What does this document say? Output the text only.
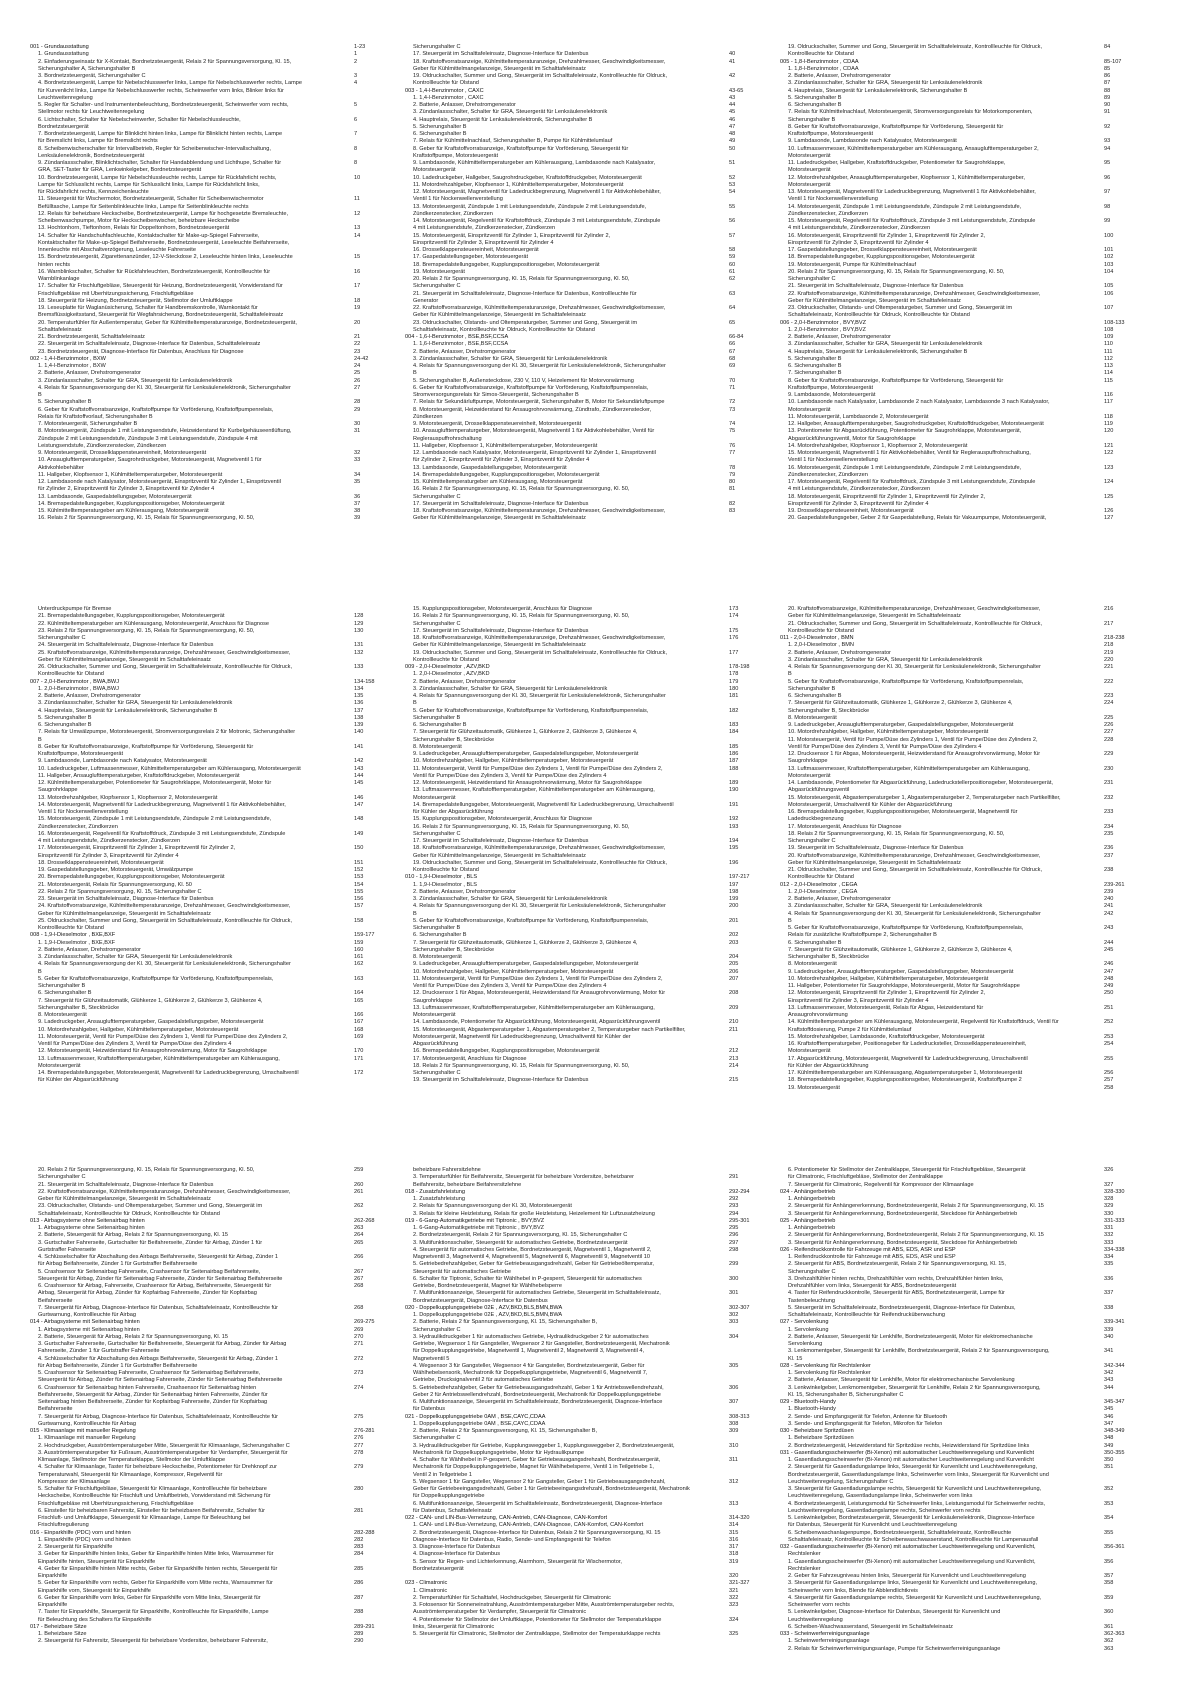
001 - Grundausstattung	1-23
1. Grundausstattung	1
2. Einfaderungseinsatz für X-Kontakt, Bordnetzsteuergerät, Relais 2 für Spannungsversorgung, Kl. 15,	2
Sicherungshalter A, Sicherungshalter B
3. Bordnetzsteuergerät, Sicherungshalter C	3
4. Bordnetzsteuergerät, Lampe für Nebelschlusswerfer links, Lampe für Nebelschlusswerfer rechts, Lampe	4
für Kurvenlicht links, Lampe für Nebelschlusswerfer rechts, Scheinwerfer vorn links, Blinker links für
Leuchtweitenregelung
5. Regler für Schalter- und Instrumentenbeleuchtung, Bordnetzsteuergerät, Scheinwerfer vorn rechts,	5
Stellmotor rechts für Leuchtweitenregelung
6. Lichtschalter, Schalter für Nebelscheinwerfer, Schalter für Nebelschlussleuchte,	6
Bordnetzsteuergerät
7. Bordnetzsteuergerät, Lampe für Blinklicht hinten links, Lampe für Blinklicht hinten rechts, Lampe	7
für Bremslicht links, Lampe für Bremslicht rechts
8. Scheibenwischerschalter für Intervallbetrieb, Regler für Scheibenwischer-Intervallschaltung,	8
Lenksäulenelektronik, Bordnetzsteuergerät
9. Zündanlassschalter, Blinklichtschalter, Schalter für Handabblendung und Lichthupe, Schalter für	8
GRA, SET-Taster für GRA, Lenkwinkelgeber, Bordnetzsteuergerät
10. Bordnetzsteuergerät, Lampe für Nebelschlussleuchte rechts, Lampe für Rückfahrlicht rechts,	10
Lampe für Schlusslicht rechts, Lampe für Schlusslicht links, Lampe für Rückfahrlicht links,
für Rückfahrlicht rechts, Kennzeichenleuchte
11. Steuergerät für Wischermotor, Bordnetzsteuergerät, Schalter für Scheibenwischermotor	11
Befülltasche, Lampe für Seitenblinkleuchte links, Lampe für Seitenblinkleuchte rechts
12. Relais für beheizbare Heckscheibe, Bordnetzsteuergerät, Lampe für hochgesetzte Bremsleuchte,	12
Scheibenwaschpumpe, Motor für Heckscheibenwischer, beheizbare Heckscheibe
13. Hochtonhorn, Tieftonhorn, Relais für Doppeltonhorn, Bordnetzsteuergerät	13
14. Schalter für Handschuhfachleuchte, Kontaktschalter für Make-up-Spiegel Fahrerseite,	14
Kontaktschalter für Make-up-Spiegel Beifahrerseite, Bordnetzsteuergerät, Leseleuchte Beifahrerseite,
Innenleuchte mit Abschaltverzögerung, Leseleuchte Fahrerseite
15. Bordnetzsteuergerät, Zigarettenanzünder, 12-V-Steckdose 2, Leseleuchte hinten links, Leseleuchte	15
hinten rechts
16. Warnblinkschalter, Schalter für Rückfahrleuchten, Bordnetzsteuergerät, Kontrollleuchte für	16
Warnblinkanlage
17. Schalter für Frischluftgebläse, Steuergerät für Heizung, Bordnetzsteuergerät, Vorwiderstand für	17
Frischluftgebläse mit Überhitzungssicherung, Frischluftgebläse
18. Steuergerät für Heizung, Bordnetzsteuergerät, Stellmotor der Umluftklappe	18
19. Leseuplatte für Waglanüsicherung, Schalter für Handbremskontrolle, Warnkontakt für	19
Bremsflüssigkeitsstand, Steuergerät für Wegfahrsicherung, Bordnetzsteuergerät, Schalttafeleinsatz
20. Temperaturfühler für Außentemperatur, Geber für Kühlmitteltemperaturanzeige, Bordnetzsteuergerät,	20
Schalttafeleinsatz
21. Bordnetzsteuergerät, Schalttafeleinsatz	21
22. Steuergerät im Schalttafeleinsatz, Diagnose-Interface für Datenbus, Schalttafeleinsatz	22
23. Bordnetzsteuergerät, Diagnose-Interface für Datenbus, Anschluss für Diagnose	23
002 - 1,4-l-Benzinmotor , BXW	24-42
1. 1,4-l-Benzinmotor , BXW	24
2. Batterie, Anlasser, Drehstromgenerator	25
3. Zündanlassschalter, Schalter für GRA, Steuergerät für Lenksäulenelektronik	26
4. Relais für Spannungsversorgung der Kl. 30, Steuergerät für Lenksäulenelektronik, Sicherungshalter	27
B
5. Sicherungshalter B	28
6. Geber für Kraftstoffvorratsanzeige, Kraftstoffpumpe für Vorförderung, Kraftstoffpumpenrelais,	29
Relais für Kraftstoffvorlauf, Sicherungshalter B
7. Motorsteuergerät, Sicherungshalter B	30
8. Motorsteuergerät, Zündspule 1 mit Leistungsendstufe, Heizwiderstand für Kurbelgehäuseentlüftung,	31
Zündspule 2 mit Leistungsendstufe, Zündspule 3 mit Leistungsendstufe, Zündspule 4 mit
Leistungsendstufe, Zündkerzenstecker, Zündkerzen
9. Motorsteuergerät, Drosselklappensteuereinheit, Motorsteuergerät	32
10. Ansauglufttemperaturgeber, Saugrohrdruckgeber, Motorsteuergerät, Magnetventil 1 für	33
Aktivkohlebehälter
11. Hallgeber, Klopfsensor 1, Kühlmitteltemperaturgeber, Motorsteuergerät	34
12. Lambdasonde nach Katalysator, Motorsteuergerät, Einspritzventil für Zylinder 1, Einspritzventil	35
für Zylinder 2, Einspritzventil für Zylinder 3, Einspritzventil für Zylinder 4
13. Lambdasonde, Gaspedalstellungsgeber, Motorsteuergerät	36
14. Bremspedalstellungsgeber, Kupplungspositionsgeber, Motorsteuergerät	37
15. Kühlmittelltemperaturgeber am Kühlerausgang, Motorsteuergerät	38
16. Relais 2 für Spannungsversorgung, Kl. 15, Relais für Spannungsversorgung, Kl. 50,	39
Sicherungshalter C
17. Steuergerät im Schalttafeleinsatz, Diagnose-Interface für Datenbus	40
18. Kraftstoffvorratsanzeige, Kühlmitteltemperaturanzeige, Drehzahlmesser, Geschwindigkeitsmesser,	41
Geber für Kühlmittelmangelanzeige, Steuergerät im Schalttafeleinsatz
19. Öldruckschalter, Summer und Gong, Steuergerät im Schalttafeleinsatz, Kontrollleuchte für Öldruck,	42
Kontrollleuchte für Ölstand
003 - 1,4-l-Benzinmotor , CAXC	43-65
1. 1,4-l-Benzinmotor , CAXC	43
2. Batterie, Anlasser, Drehstromgenerator	44
3. Zündanlassschalter, Schalter für GRA, Steuergerät für Lenksäulenelektronik	45
4. Hauptrelais, Steuergerät für Lenksäulenelektronik, Sicherungshalter B	46
5. Sicherungshalter B	47
6. Sicherungshalter B	48
7. Relais für Kühlmittelnachlauf, Sicherungshalter B, Pumpe für Kühlmittelumlauf	49
8. Geber für Kraftstoffvorratsanzeige, Kraftstoffpumpe für Vorförderung, Steuergerät für	50
Kraftstoffpumpe, Motorsteuergerät
9. Lambdasonde, Kühlmitteltemperaturgeber am Kühlerausgang, Lambdasonde nach Katalysator,	51
Motorsteuergerät
10. Ladedruckgeber, Hallgeber, Saugrohrdruckgeber, Kraftstoffdruckgeber, Motorsteuergerät	52
11. Motordrehzahlgeber, Klopfsensor 1, Kühlmitteltemperaturgeber, Motorsteuergerät	53
12. Motorsteuergerät, Magnetventil für Ladedruckbegrenzung, Magnetventil 1 für Aktivkohlebehälter,	54
Ventil 1 für Nockenwellenverstellung
13. Motorsteuergerät, Zündspule 1 mit Leistungsendstufe, Zündspule 2 mit Leistungsendstufe,	55
Zündkerzenstecker, Zündkerzen
14. Motorsteuergerät, Regelventil für Kraftstoffdruck, Zündspule 3 mit Leistungsendstufe, Zündspule	56
4 mit Leistungsendstufe, Zündkerzenstecker, Zündkerzen
15. Motorsteuergerät, Einspritzventil für Zylinder 1, Einspritzventil für Zylinder 2,	57
Einspritzventil für Zylinder 3, Einspritzventil für Zylinder 4
16. Drosselklappensteuereinheit, Motorsteuergerät	58
17. Gaspedalstellungsgeber, Motorsteuergerät	59
18. Bremspedalstellungsgeber, Kupplungspositionsgeber, Motorsteuergerät	60
19. Motorsteuergerät	61
20. Relais 2 für Spannungsversorgung, Kl. 15, Relais für Spannungsversorgung, Kl. 50,	62
Sicherungshalter C
21. Steuergerät im Schalttafeleinsatz, Diagnose-Interface für Datenbus, Kontrollleuchte für	63
Generator
22. Kraftstoffvorratsanzeige, Kühlmitteltemperaturanzeige, Drehzahlmesser, Geschwindigkeitsmesser,	64
Geber für Kühlmittelmangelanzeige, Steuergerät im Schalttafeleinsatz
23. Öldruckschalter, Ölstands- und Öltemperaturgeber, Summer und Gong, Steuergerät im	65
Schalttafeleinsatz, Kontrollleuchte für Öldruck, Kontrollleuchte für Ölstand
004 - 1,6-l-Benzinmotor , BSE,BSF,CCSA	66-84
1. 1,6-l-Benzinmotor , BSE,BSF,CCSA	66
2. Batterie, Anlasser, Drehstromgenerator	67
3. Zündanlassschalter, Schalter für GRA, Steuergerät für Lenksäulenelektronik	68
4. Relais für Spannungsversorgung der Kl. 30, Steuergerät für Lenksäulenelektronik, Sicherungshalter	69
B
5. Sicherungshalter B, Außensteckdose, 230 V, 110 V, Heizelement für Motorvorwärmung	70
6. Geber für Kraftstoffvorratsanzeige, Kraftstoffpumpe für Vorförderung, Kraftstoffpumpenrelais,	71
Stromversorgungsrelais für Simos-Steuergerät, Sicherungshalter B
7. Relais für Sekundärluftpumpe, Motorsteuergerät, Sicherungshalter B, Motor für Sekundärluftpumpe	72
8. Motorsteuergerät, Heizwiderstand für Ansaugrohrvorwärmung, Zündtrafo, Zündkerzenstecker,	73
Zündkerzen
9. Motorsteuergerät, Drosselklappensteuereinheit, Motorsteuergerät	74
10. Ansauglufttemperaturgeber, Motorsteuergerät, Magnetventil 1 für Aktivkohlebehälter, Ventil für	75
Reglerauspuffrohrschaltung
11. Hallgeber, Klopfsensor 1, Kühlmitteltemperaturgeber, Motorsteuergerät	76
12. Lambdasonde nach Katalysator, Motorsteuergerät, Einspritzventil für Zylinder 1, Einspritzventil	77
für Zylinder 2, Einspritzventil für Zylinder 3, Einspritzventil für Zylinder 4
13. Lambdasonde, Gaspedalstellungsgeber, Motorsteuergerät	78
14. Bremspedalstellungsgeber, Kupplungspositionsgeber, Motorsteuergerät	79
15. Kühlmitteltemperaturgeber am Kühlerausgang, Motorsteuergerät	80
16. Relais 2 für Spannungsversorgung, Kl. 15, Relais für Spannungsversorgung, Kl. 50,	81
Sicherungshalter C
17. Steuergerät im Schalttafeleinsatz, Diagnose-Interface für Datenbus	82
18. Kraftstoffvorratsanzeige, Kühlmitteltemperaturanzeige, Drehzahlmesser, Geschwindigkeitsmesser,	83
Geber für Kühlmittelmangelanzeige, Steuergerät im Schalttafeleinsatz
19. Öldruckschalter, Summer und Gong, Steuergerät im Schalttafeleinsatz, Kontrollleuchte für Öldruck,	84
Kontrollleuchte für Ölstand
005 - 1,8-l-Benzinmotor , CDAA	85-107
1. 1,8-l-Benzinmotor , CDAA	85
2. Batterie, Anlasser, Drehstromgenerator	86
3. Zündanlassschalter, Schalter für GRA, Steuergerät für Lenksäulenelektronik	87
4. Hauptrelais, Steuergerät für Lenksäulenelektronik, Sicherungshalter B	88
5. Sicherungshalter B	89
6. Sicherungshalter B	90
7. Relais für Kühlmittelnachlauf, Motorsteuergerät, Stromversorgungsrelais für Motorkomponenten,	91
Sicherungshalter B
8. Geber für Kraftstoffvorratsanzeige, Kraftstoffpumpe für Vorförderung, Steuergerät für	92
Kraftstoffpumpe, Motorsteuergerät
9. Lambdasonde, Lambdasonde nach Katalysator, Motorsteuergerät	93
10. Luftmassenmesser, Kühlmitteltemperaturgeber am Kühlerausgang, Ansauglufttemperaturgeber 2,	94
Motorsteuergerät
11. Ladedruckgeber, Hallgeber, Kraftstoffdruckgeber, Potentiometer für Saugrohrklappe,	95
Motorsteuergerät
12. Motordrehzahlgeber, Ansauglufttemperaturgeber, Klopfsensor 1, Kühlmitteltemperaturgeber,	96
Motorsteuergerät
13. Motorsteuergerät, Magnetventil für Ladedruckbegrenzung, Magnetventil 1 für Aktivkohlebehälter,	97
Ventil 1 für Nockenwellenverstellung
14. Motorsteuergerät, Zündspule 1 mit Leistungsendstufe, Zündspule 2 mit Leistungsendstufe,	98
Zündkerzenstecker, Zündkerzen
15. Motorsteuergerät, Regelventil für Kraftstoffdruck, Zündspule 3 mit Leistungsendstufe, Zündspule	99
4 mit Leistungsendstufe, Zündkerzenstecker, Zündkerzen
16. Motorsteuergerät, Einspritzventil für Zylinder 1, Einspritzventil für Zylinder 2,	100
Einspritzventil für Zylinder 3, Einspritzventil für Zylinder 4
17. Gaspedalstellungsgeber, Drosselklappensteuereinheit, Motorsteuergerät	101
18. Bremspedalstellungsgeber, Kupplungspositionsgeber, Motorsteuergerät	102
19. Motorsteuergerät, Pumpe für Kühlmittelnachlauf	103
20. Relais 2 für Spannungsversorgung, Kl. 15, Relais für Spannungsversorgung, Kl. 50,	104
Sicherungshalter C
21. Steuergerät im Schalttafeleinsatz, Diagnose-Interface für Datenbus	105
22. Kraftstoffvorratsanzeige, Kühlmitteltemperaturanzeige, Drehzahlmesser, Geschwindigkeitsmesser,	106
Geber für Kühlmittelmangelanzeige, Steuergerät im Schalttafeleinsatz
23. Öldruckschalter, Ölstands- und Öltemperaturgeber, Summer und Gong, Steuergerät im	107
Schalttafeleinsatz, Kontrollleuchte für Öldruck, Kontrollleuchte für Ölstand
006 - 2,0-l-Benzinmotor , BVY,BVZ	108-133
1. 2,0-l-Benzinmotor , BVY,BVZ	108
2. Batterie, Anlasser, Drehstromgenerator	109
3. Zündanlassschalter, Schalter für GRA, Steuergerät für Lenksäulenelektronik	110
4. Hauptrelais, Steuergerät für Lenksäulenelektronik, Sicherungshalter B	111
5. Sicherungshalter B	112
6. Sicherungshalter B	113
7. Sicherungshalter B	114
8. Geber für Kraftstoffvorratsanzeige, Kraftstoffpumpe für Vorförderung, Steuergerät für	115
Kraftstoffpumpe, Motorsteuergerät
9. Lambdasonde, Motorsteuergerät	116
10. Lambdasonde nach Katalysator, Lambdasonde 2 nach Katalysator, Lambdasonde 3 nach Katalysator,	117
Motorsteuergerät
11. Motorsteuergerät, Lambdasonde 2, Motorsteuergerät	118
12. Hallgeber, Ansauglufttemperaturgeber, Saugrohrdruckgeber, Kraftstoffdruckgeber, Motorsteuergerät	119
13. Potentiometer für Abgasrückführung, Potentiometer für Saugrohrklappe, Motorsteuergerät,	120
Abgasrückführungsventil, Motor für Saugrohrklappe
14. Motordrehzahlgeber, Klopfsensor 1, Klopfsensor 2, Motorsteuergerät	121
15. Motorsteuergerät, Magnetventil 1 für Aktivkohlebehälter, Ventil für Reglerauspuffrohrschaltung,	122
Ventil 1 für Nockenwellenverstellung
16. Motorsteuergerät, Zündspule 1 mit Leistungsendstufe, Zündspule 2 mit Leistungsendstufe,	123
Zündkerzenstecker, Zündkerzen
17. Motorsteuergerät, Regelventil für Kraftstoffdruck, Zündspule 3 mit Leistungsendstufe, Zündspule	124
4 mit Leistungsendstufe, Zündkerzenstecker, Zündkerzen
18. Motorsteuergerät, Einspritzventil für Zylinder 1, Einspritzventil für Zylinder 2,	125
Einspritzventil für Zylinder 3, Einspritzventil für Zylinder 4
19. Drosselklappensteuereinheit, Motorsteuergerät	126
20. Gaspedalstellungsgeber, Geber 2 für Gaspedalstellung, Relais für Vakuumpumpe, Motorsteuergerät,	127
Unterdruckpumpe für Bremse
21. Bremspedalstellungsgeber, Kupplungspositionsgeber, Motorsteuergerät	128
22. Kühlmitteltemperaturgeber am Kühlerausgang, Motorsteuergerät, Anschluss für Diagnose	129
23. Relais 2 für Spannungsversorgung, Kl. 15, Relais für Spannungsversorgung, Kl. 50,	130
Sicherungshalter C
24. Steuergerät im Schalttafeleinsatz, Diagnose-Interface für Datenbus	131
25. Kraftstoffvorratsanzeige, Kühlmitteltemperaturanzeige, Drehzahlmesser, Geschwindigkeitsmesser,	132
Geber für Kühlmittelmangelanzeige, Steuergerät im Schalttafeleinsatz
26. Öldruckschalter, Summer und Gong, Steuergerät im Schalttafeleinsatz, Kontrollleuchte für Öldruck,	133
Kontrollleuchte für Ölstand
007 - 2,0-l-Benzinmotor , BWA,BWJ	134-158
1. 2,0-l-Benzinmotor , BWA,BWJ	134
2. Batterie, Anlasser, Drehstromgenerator	135
3. Zündanlassschalter, Schalter für GRA, Steuergerät für Lenksäulenelektronik	136
4. Hauptrelais, Steuergerät für Lenksäulenelektronik, Sicherungshalter B	137
5. Sicherungshalter B	138
6. Sicherungshalter B	139
7. Relais für Umwälzpumpe, Motorsteuergerät, Stromversorgungsrelais 2 für Motronic, Sicherungshalter	140
B
8. Geber für Kraftstoffvorratsanzeige, Kraftstoffpumpe für Vorförderung, Steuergerät für	141
Kraftstoffpumpe, Motorsteuergerät
9. Lambdasonde, Lambdasonde nach Katalysator, Motorsteuergerät	142
10. Ladedruckgeber, Luftmassenmesser, Kühlmitteltemperaturgeber am Kühlerausgang, Motorsteuergerät	143
11. Hallgeber, Ansauglufttemperaturgeber, Kraftstoffdruckgeber, Motorsteuergerät	144
12. Kühlmitteltemperaturgeber, Potentiometer für Saugrohrklappe, Motorsteuergerät, Motor für	145
Saugrohrklappe
13. Motordrehzahlgeber, Klopfsensor 1, Klopfsensor 2, Motorsteuergerät	146
14. Motorsteuergerät, Magnetventil für Ladedruckbegrenzung, Magnetventil 1 für Aktivkohlebehälter,	147
Ventil 1 für Nockenwellenverstellung
15. Motorsteuergerät, Zündspule 1 mit Leistungsendstufe, Zündspule 2 mit Leistungsendstufe,	148
Zündkerzenstecker, Zündkerzen
16. Motorsteuergerät, Regelventil für Kraftstoffdruck, Zündspule 3 mit Leistungsendstufe, Zündspule	149
4 mit Leistungsendstufe, Zündkerzenstecker, Zündkerzen
17. Motorsteuergerät, Einspritzventil für Zylinder 1, Einspritzventil für Zylinder 2,	150
Einspritzventil für Zylinder 3, Einspritzventil für Zylinder 4
18. Drosselklappensteuereinheit, Motorsteuergerät	151
19. Gaspedalstellungsgeber, Motorsteuergerät, Umwälzpumpe	152
20. Bremspedalstellungsgeber, Kupplungspositionsgeber, Motorsteuergerät	153
21. Motorsteuergerät, Relais für Spannungsversorgung, Kl. 50	154
22. Relais 2 für Spannungsversorgung, Kl. 15, Sicherungshalter C	155
23. Steuergerät im Schalttafeleinsatz, Diagnose-Interface für Datenbus	156
24. Kraftstoffvorratsanzeige, Kühlmitteltemperaturanzeige, Drehzahlmesser, Geschwindigkeitsmesser,	157
Geber für Kühlmittelmangelanzeige, Steuergerät im Schalttafeleinsatz
25. Öldruckschalter, Summer und Gong, Steuergerät im Schalttafeleinsatz, Kontrollleuchte für Öldruck,	158
Kontrollleuchte für Ölstand
008 - 1,9-l-Dieselmotor , BXE,BXF	159-177
1. 1,9-l-Dieselmotor , BXE,BXF	159
2. Batterie, Anlasser, Drehstromgenerator	160
3. Zündanlassschalter, Schalter für GRA, Steuergerät für Lenksäulenelektronik	161
4. Relais für Spannungsversorgung der Kl. 30, Steuergerät für Lenksäulenelektronik, Sicherungshalter	162
B
5. Geber für Kraftstoffvorratsanzeige, Kraftstoffpumpe für Vorförderung, Kraftstoffpumpenrelais,	163
Sicherungshalter B
6. Sicherungshalter B	164
7. Steuergerät für Glühzeitautomatik, Glühkerze 1, Glühkerze 2, Glühkerze 3, Glühkerze 4,	165
Sicherungshalter B, Steckbrücke
8. Motorsteuergerät	166
9. Ladedruckgeber, Ansauglufttemperaturgeber, Gaspedalstellungsgeber, Motorsteuergerät	167
10. Motordrehzahlgeber, Hallgeber, Kühlmitteltemperaturgeber, Motorsteuergerät	168
11. Motorsteuergerät, Ventil für Pumpe/Düse des Zylinders 1, Ventil für Pumpe/Düse des Zylinders 2,	169
Ventil für Pumpe/Düse des Zylinders 3, Ventil für Pumpe/Düse des Zylinders 4
12. Motorsteuergerät, Heizwiderstand für Ansaugrohrvorwärmung, Motor für Saugrohrklappe	170
13. Luftmassenmesser, Kraftstofftemperaturgeber, Kühlmitteltemperaturgeber am Kühlerausgang,	171
Motorsteuergerät
14. Bremspedalstellungsgeber, Motorsteuergerät, Magnetventil für Ladedruckbegrenzung, Umschaltventil	172
für Kühler der Abgasrückführung
15. Kupplungspositionsgeber, Motorsteuergerät, Anschluss für Diagnose	173
16. Relais 2 für Spannungsversorgung, Kl. 15, Relais für Spannungsversorgung, Kl. 50,	174
Sicherungshalter C
17. Steuergerät im Schalttafeleinsatz, Diagnose-Interface für Datenbus	175
18. Kraftstoffvorratsanzeige, Kühlmitteltemperaturanzeige, Drehzahlmesser, Geschwindigkeitsmesser,	176
Geber für Kühlmittelmangelanzeige, Steuergerät im Schalttafeleinsatz
19. Öldruckschalter, Summer und Gong, Steuergerät im Schalttafeleinsatz, Kontrollleuchte für Öldruck,	177
Kontrollleuchte für Ölstand
009 - 2,0-l-Dieselmotor , AZV,BKD	178-198
1. 2,0-l-Dieselmotor , AZV,BKD	178
2. Batterie, Anlasser, Drehstromgenerator	179
3. Zündanlassschalter, Schalter für GRA, Steuergerät für Lenksäulenelektronik	180
4. Relais für Spannungsversorgung der Kl. 30, Steuergerät für Lenksäulenelektronik, Sicherungshalter	181
B
5. Geber für Kraftstoffvorratsanzeige, Kraftstoffpumpe für Vorförderung, Kraftstoffpumpenrelais,	182
Sicherungshalter B
6. Sicherungshalter B	183
7. Steuergerät für Glühzeitautomatik, Glühkerze 1, Glühkerze 2, Glühkerze 3, Glühkerze 4,	184
Sicherungshalter B, Steckbrücke
8. Motorsteuergerät	185
9. Ladedruckgeber, Ansauglufttemperaturgeber, Gaspedalstellungsgeber, Motorsteuergerät	186
10. Motordrehzahlgeber, Hallgeber, Kühlmitteltemperaturgeber, Motorsteuergerät	187
11. Motorsteuergerät, Ventil für Pumpe/Düse des Zylinders 1, Ventil für Pumpe/Düse des Zylinders 2,	188
Ventil für Pumpe/Düse des Zylinders 3, Ventil für Pumpe/Düse des Zylinders 4
12. Motorsteuergerät, Heizwiderstand für Ansaugrohrvorwärmung, Motor für Saugrohrklappe	189
13. Luftmassenmesser, Kraftstofftemperaturgeber, Kühlmitteltemperaturgeber am Kühlerausgang,	190
Motorsteuergerät
14. Bremspedalstellungsgeber, Motorsteuergerät, Magnetventil für Ladedruckbegrenzung, Umschaltventil	191
für Kühler der Abgasrückführung
15. Kupplungspositionsgeber, Motorsteuergerät, Anschluss für Diagnose	192
16. Relais 2 für Spannungsversorgung, Kl. 15, Relais für Spannungsversorgung, Kl. 50,	193
Sicherungshalter C
17. Steuergerät im Schalttafeleinsatz, Diagnose-Interface für Datenbus	194
18. Kraftstoffvorratsanzeige, Kühlmitteltemperaturanzeige, Drehzahlmesser, Geschwindigkeitsmesser,	195
Geber für Kühlmittelmangelanzeige, Steuergerät im Schalttafeleinsatz
19. Öldruckschalter, Summer und Gong, Steuergerät im Schalttafeleinsatz, Kontrollleuchte für Öldruck,	196
Kontrollleuchte für Ölstand
010 - 1,9-l-Dieselmotor , BLS	197-217
1. 1,9-l-Dieselmotor , BLS	197
2. Batterie, Anlasser, Drehstromgenerator	198
3. Zündanlassschalter, Schalter für GRA, Steuergerät für Lenksäulenelektronik	199
4. Relais für Spannungsversorgung der Kl. 30, Steuergerät für Lenksäulenelektronik, Sicherungshalter	200
B
5. Geber für Kraftstoffvorratsanzeige, Kraftstoffpumpe für Vorförderung, Kraftstoffpumpenrelais,	201
Sicherungshalter B
6. Sicherungshalter B	202
7. Steuergerät für Glühzeitautomatik, Glühkerze 1, Glühkerze 2, Glühkerze 3, Glühkerze 4,	203
Sicherungshalter B, Steckbrücke
8. Motorsteuergerät	204
9. Ladedruckgeber, Ansauglufttemperaturgeber, Gaspedalstellungsgeber, Motorsteuergerät	205
10. Motordrehzahlgeber, Hallgeber, Kühlmitteltemperaturgeber, Motorsteuergerät	206
11. Motorsteuergerät, Ventil für Pumpe/Düse des Zylinders 1, Ventil für Pumpe/Düse des Zylinders 2,	207
Ventil für Pumpe/Düse des Zylinders 3, Ventil für Pumpe/Düse des Zylinders 4
12. Drucksensor 1 für Abgas, Motorsteuergerät, Heizwiderstand für Ansaugrohrvorwärmung, Motor für	208
Saugrohrklappe
13. Luftmassenmesser, Kraftstofftemperaturgeber, Kühlmitteltemperaturgeber am Kühlerausgang,	209
Motorsteuergerät
14. Lambdasonde, Potentiometer für Abgasrückführung, Motorsteuergerät, Abgasrückführungsventil	210
15. Motorsteuergerät, Abgastemperaturgeber 1, Abgastemperaturgeber 2, Temperaturgeber nach Partikelfilter,	211
Motorsteuergerät, Magnetventil für Ladedruckbegrenzung, Umschaltventil für Kühler der
Abgasrückführung
16. Bremspedalstellungsgeber, Kupplungspositionsgeber, Motorsteuergerät	212
17. Motorsteuergerät, Anschluss für Diagnose	213
18. Relais 2 für Spannungsversorgung, Kl. 15, Relais für Spannungsversorgung, Kl. 50,	214
Sicherungshalter C
19. Steuergerät im Schalttafeleinsatz, Diagnose-Interface für Datenbus	215
20. Kraftstoffvorratsanzeige, Kühlmitteltemperaturanzeige, Drehzahlmesser, Geschwindigkeitsmesser,	216
Geber für Kühlmittelmangelanzeige, Steuergerät im Schalttafeleinsatz
21. Öldruckschalter, Summer und Gong, Steuergerät im Schalttafeleinsatz, Kontrollleuchte für Öldruck,	217
Kontrollleuchte für Ölstand
011 - 2,0-l-Dieselmotor , BMN	218-238
1. 2,0-l-Dieselmotor , BMN	218
2. Batterie, Anlasser, Drehstromgenerator	219
3. Zündanlassschalter, Schalter für GRA, Steuergerät für Lenksäulenelektronik	220
4. Relais für Spannungsversorgung der Kl. 30, Steuergerät für Lenksäulenelektronik, Sicherungshalter	221
B
5. Geber für Kraftstoffvorratsanzeige, Kraftstoffpumpe für Vorförderung, Kraftstoffpumpenrelais,	222
Sicherungshalter B
6. Sicherungshalter B	223
7. Steuergerät für Glühzeitautomatik, Glühkerze 1, Glühkerze 2, Glühkerze 3, Glühkerze 4,	224
Sicherungshalter B, Steckbrücke
8. Motorsteuergerät	225
9. Ladedruckgeber, Ansauglufttemperaturgeber, Gaspedalstellungsgeber, Motorsteuergerät	226
10. Motordrehzahlgeber, Hallgeber, Kühlmitteltemperaturgeber, Motorsteuergerät	227
11. Motorsteuergerät, Ventil für Pumpe/Düse des Zylinders 1, Ventil für Pumpe/Düse des Zylinders 2,	228
Ventil für Pumpe/Düse des Zylinders 3, Ventil für Pumpe/Düse des Zylinders 4
12. Drucksensor 1 für Abgas, Motorsteuergerät, Heizwiderstand für Ansaugrohrvorwärmung, Motor für	229
Saugrohrklappe
13. Luftmassenmesser, Kraftstofftemperaturgeber, Kühlmitteltemperaturgeber am Kühlerausgang,	230
Motorsteuergerät
14. Lambdasonde, Potentiometer für Abgasrückführung, Ladedruckstellerpositionsgeber, Motorsteuergerät,	231
Abgasrückführungsventil
15. Motorsteuergerät, Abgastemperaturgeber 1, Abgastemperaturgeber 2, Temperaturgeber nach Partikelfilter,	232
Motorsteuergerät, Umschaltventil für Kühler der Abgasrückführung
16. Bremspedalstellungsgeber, Kupplungspositionsgeber, Motorsteuergerät, Magnetventil für	233
Ladedruckbegrenzung
17. Motorsteuergerät, Anschluss für Diagnose	234
18. Relais 2 für Spannungsversorgung, Kl. 15, Relais für Spannungsversorgung, Kl. 50,	235
Sicherungshalter C
19. Steuergerät im Schalttafeleinsatz, Diagnose-Interface für Datenbus	236
20. Kraftstoffvorratsanzeige, Kühlmitteltemperaturanzeige, Drehzahlmesser, Geschwindigkeitsmesser,	237
Geber für Kühlmittelmangelanzeige, Steuergerät im Schalttafeleinsatz
21. Öldruckschalter, Summer und Gong, Steuergerät im Schalttafeleinsatz, Kontrollleuchte für Öldruck,	238
Kontrollleuchte für Ölstand
012 - 2,0-l-Dieselmotor , CEGA	239-261
1. 2,0-l-Dieselmotor , CEGA	239
2. Batterie, Anlasser, Drehstromgenerator	240
3. Zündanlassschalter, Schalter für GRA, Steuergerät für Lenksäulenelektronik	241
4. Relais für Spannungsversorgung der Kl. 30, Steuergerät für Lenksäulenelektronik, Sicherungshalter	242
B
5. Geber für Kraftstoffvorratsanzeige, Kraftstoffpumpe für Vorförderung, Kraftstoffpumpenrelais,	243
Relais für zusätzliche Kraftstoffpumpe 2, Sicherungshalter B
6. Sicherungshalter B	244
7. Steuergerät für Glühzeitautomatik, Glühkerze 1, Glühkerze 2, Glühkerze 3, Glühkerze 4,	245
Sicherungshalter B, Steckbrücke
8. Motorsteuergerät	246
9. Ladedruckgeber, Ansauglufttemperaturgeber, Gaspedalstellungsgeber, Motorsteuergerät	247
10. Motordrehzahlgeber, Hallgeber, Kühlmitteltemperaturgeber, Motorsteuergerät	248
11. Hallgeber, Potentiometer für Saugrohrklappe, Motorsteuergerät, Motor für Saugrohrklappe	249
12. Motorsteuergerät, Einspritzventil für Zylinder 1, Einspritzventil für Zylinder 2,	250
Einspritzventil für Zylinder 3, Einspritzventil für Zylinder 4
13. Luftmassenmesser, Motorsteuergerät, Relais für Abgas, Heizwiderstand für	251
Ansaugrohrvorwärmung
14. Kühlmitteltemperaturgeber am Kühlerausgang, Motorsteuergerät, Regelventil für Kraftstoffdruck, Ventil für	252
Kraftstoffdosierung, Pumpe 2 für Kühlmittelumlauf
15. Motordrehzahlgeber, Lambdasonde, Kraftstoffdruckgeber, Motorsteuergerät	253
16. Kraftstofftemperaturgeber, Positionsgeber für Ladedrucksteller, Drosselklappensteuereinheit,	254
Motorsteuergerät
17. Abgasrückführung, Motorsteuergerät, Magnetventil für Ladedruckbegrenzung, Umschaltventil	255
für Kühler der Abgasrückführung
17. Kühlmitteltemperaturgeber am Kühlerausgang, Abgastemperaturgeber 1, Motorsteuergerät	256
18. Bremspedalstellungsgeber, Kupplungspositionsgeber, Motorsteuergerät, Kraftstoffpumpe 2	257
19. Motorsteuergerät	258
20. Relais 2 für Spannungsversorgung, Kl. 15, Relais für Spannungsversorgung, Kl. 50,	259
Sicherungshalter C
21. Steuergerät im Schalttafeleinsatz, Diagnose-Interface für Datenbus	260
22. Kraftstoffvorratsanzeige, Kühlmitteltemperaturanzeige, Drehzahlmesser, Geschwindigkeitsmesser,	261
Geber für Kühlmittelmangelanzeige, Steuergerät im Schalttafeleinsatz
23. Öldruckschalter, Ölstands- und Öltemperaturgeber, Summer und Gong, Steuergerät im	262
Schalttafeleinsatz, Kontrollleuchte für Öldruck, Kontrollleuchte für Ölstand
013 - Airbagsysteme ohne Seitenairbag hinten	262-268
1. Airbagsysteme ohne Seitenairbag hinten	263
2. Batterie, Steuergerät für Airbag, Relais 2 für Spannungsversorgung, Kl. 15	264
3. Gurtschalter Fahrerseite, Gurtschalter für Beifahrerseite, Zünder für Airbag, Zünder 1 für	265
Gurtstraffer Fahrerseite
4. Schlüsselschalter für Abschaltung des Airbags Beifahrerseite, Steuergerät für Airbag, Zünder 1	266
für Airbag Beifahrerseite, Zünder 1 für Gurtstraffer Beifahrerseite
5. Crashsensor für Seitenairbag Fahrerseite, Crashsensor für Seitenairbag Beifahrerseite,	267
Steuergerät für Airbag, Zünder für Seitenairbag Fahrerseite, Zünder für Seitenairbag Beifahrerseite	267
6. Crashsensor für Airbag, Fahrerseite, Crashsensor für Airbag, Beifahrerseite, Steuergerät für	268
Airbag, Steuergerät für Airbag, Zünder für Kopfairbag Fahrerseite, Zünder für Kopfairbag
Beifahrerseite
7. Steuergerät für Airbag, Diagnose-Interface für Datenbus, Schalttafeleinsatz, Kontrollleuchte für	268
Gurtwarnung, Kontrollleuchte für Airbag
014 - Airbagsysteme mit Seitenairbag hinten	269-275
1. Airbagsysteme mit Seitenairbag hinten	269
2. Batterie, Steuergerät für Airbag, Relais 2 für Spannungsversorgung, Kl. 15	270
3. Gurtschalter Fahrerseite, Gurtschalter für Beifahrerseite, Steuergerät für Airbag, Zünder für Airbag	271
Fahrerseite, Zünder 1 für Gurtstraffer Fahrerseite
4. Schlüsselschalter für Abschaltung des Airbags Beifahrerseite, Steuergerät für Airbag, Zünder 1	272
für Airbag Beifahrerseite, Zünder 1 für Gurtstraffer Beifahrerseite
5. Crashsensor für Seitenairbag Fahrerseite, Crashsensor für Seitenairbag Beifahrerseite,	273
Steuergerät für Airbag, Zünder für Seitenairbag Fahrerseite, Zünder für Seitenairbag Beifahrerseite
6. Crashsensor für Seitenairbag hinten Fahrerseite, Crashsensor für Seitenairbag hinten	274
Beifahrerseite, Steuergerät für Airbag, Zünder für Seitenairbag hinten Fahrerseite, Zünder für
Seitenairbag hinten Beifahrerseite, Zünder für Kopfairbag Fahrerseite, Zünder für Kopfairbag
Beifahrerseite
7. Steuergerät für Airbag, Diagnose-Interface für Datenbus, Schalttafeleinsatz, Kontrollleuchte für	275
Gurtwarnung, Kontrollleuchte für Airbag
015 - Klimaanlage mit manueller Regelung	276-281
1. Klimaanlage mit manueller Regelung	276
2. Hochdruckgeber, Ausströmtemperaturgeber Mitte, Steuergerät für Klimaanlage, Sicherungshalter C	277
3. Ausströmtemperaturgeber für Fußraum, Ausströmtemperaturgeber für Verdampfer, Steuergerät für	278
Klimaanlage, Stellmotor der Temperaturklappe, Stellmotor der Umluftklappe
4. Schalter für Klimaanlage, Taster für beheizbare Heckscheibe, Potentiometer für Drehknopf zur	279
Temperaturwahl, Steuergerät für Klimaanlage, Kompressor, Regelventil für
Kompressor der Klimaanlage
5. Schalter für Frischluftgebläse, Steuergerät für Klimaanlage, Kontrollleuchte für beheizbare	280
Heckscheibe, Kontrollleuchte für Frischluft und Umluftbetrieb, Vorwiderstand mit Sicherung für
Frischluftgebläse mit Überhitzungssicherung, Frischluftgebläse
6. Einsteller für beheizbaren Fahrersitz, Einsteller für beheizbaren Beifahrersitz, Schalter für	281
Frischluft- und Umluftklappe, Steuergerät für Klimaanlage, Lampe für Beleuchtung bei
Frischluftregulierung
016 - Einparkhilfe (PDC) vorn und hinten	282-288
1. Einparkhilfe (PDC) vorn und hinten	282
2. Steuergerät für Einparkhilfe	283
3. Geber für Einparkhilfe hinten links, Geber für Einparkhilfe hinten Mitte links, Warnsummer für	284
Einparkhilfe hinten, Steuergerät für Einparkhilfe
4. Geber für Einparkhilfe hinten Mitte rechts, Geber für Einparkhilfe hinten rechts, Steuergerät für	285
Einparkhilfe
5. Geber für Einparkhilfe vorn rechts, Geber für Einparkhilfe vorn Mitte rechts, Warnsummer für	286
Einparkhilfe vorn, Steuergerät für Einparkhilfe
6. Geber für Einparkhilfe vorn links, Geber für Einparkhilfe vorn Mitte links, Steuergerät für	287
Einparkhilfe
7. Taster für Einparkhilfe, Steuergerät für Einparkhilfe, Kontrollleuchte für Einparkhilfe, Lampe	288
für Beleuchtung des Schalters für Einparkhilfe
017 - Beheizbare Sitze	289-291
1. Beheizbare Sitze	289
2. Steuergerät für Fahrersitz, Steuergerät für beheizbare Vordersitze, beheizbarer Fahrersitz,	290
beheizbare Fahrersitzlehne
3. Temperaturfühler für Beifahrersitz, Steuergerät für beheizbare Vordersitze, beheizbarer	291
Beifahrersitz, beheizbare Beifahrersitzlehne
018 - Zusatzfahrleistung	292-294
1. Zusatzfahrleistung	292
2. Relais für Spannungsversorgung der Kl. 30, Motorsteuergerät	293
3. Relais für kleine Heizleistung, Relais für große Heizleistung, Heizelement für Luftzusatzheizung	294
019 - 6-Gang-Automatikgetriebe mit Tiptronic , BVY,BVZ	295-301
1. 6-Gang-Automatikgetriebe mit Tiptronic , BVY,BVZ	295
2. Bordnetzsteuergerät, Relais 2 für Spannungsversorgung, Kl. 15, Sicherungshalter C	296
3. Multifunktionsschalter, Steuergerät für automatisches Getriebe, Bordnetzsteuergerät	297
4. Steuergerät für automatisches Getriebe, Bordnetzsteuergerät, Magnetventil 1, Magnetventil 2,	298
Magnetventil 3, Magnetventil 4, Magnetventil 5, Magnetventil 6, Magnetventil 9, Magnetventil 10
5. Getriebedrehzahlgeber, Geber für Getriebeausgangsdrehzahl, Geber für Getriebeöltemperatur,	299
Steuergerät für automatisches Getriebe
6. Schalter für Tiptronic, Schalter für Wählhebel in P-gesperrt, Steuergerät für automatisches	300
Getriebe, Bordnetzsteuergerät, Magnet für Wählhebelsperre
7. Multifunktionsanzeige, Steuergerät für automatisches Getriebe, Steuergerät im Schalttafeleinsatz,	301
Bordnetzsteuergerät, Diagnose-Interface für Datenbus
020 - Doppelkupplungsgetriebe 02E , AZV,BKD,BLS,BMN,BWA	302-307
1. Doppelkupplungsgetriebe 02E , AZV,BKD,BLS,BMN,BWA	302
2. Batterie, Relais 2 für Spannungsversorgung, Kl. 15, Sicherungshalter B,	303
Sicherungshalter C
3. Hydraulikdruckgeber 1 für automatisches Getriebe, Hydraulikdruckgeber 2 für automatisches	304
Getriebe, Wegsensor 1 für Gangsteller, Wegsensor 2 für Gangsteller, Bordnetzsteuergerät, Mechatronik
für Doppelkupplungsgetriebe, Magnetventil 1, Magnetventil 2, Magnetventil 3, Magnetventil 4,
Magnetventil 5
4. Wegsensor 3 für Gangsteller, Wegsensor 4 für Gangsteller, Bordnetzsteuergerät, Geber für	305
Wählhebelsensorik, Mechatronik für Doppelkupplungsgetriebe, Magnetventil 6, Magnetventil 7,
Getriebe, Drucksignalventil 2 für automatisches Getriebe
5. Getriebedrehzahlgeber, Geber für Getriebeausgangsdrehzahl, Geber 1 für Antriebswellendrehzahl,	306
Geber 2 für Antriebswellendrehzahl, Bordnetzsteuergerät, Mechatronik für Doppelkupplungsgetriebe
6. Multifunktionsanzeige, Steuergerät im Schalttafeleinsatz, Bordnetzsteuergerät, Diagnose-Interface	307
für Datenbus
021 - Doppelkupplungsgetriebe 0AM , BSE,CAYC,CDAA	308-313
1. Doppelkupplungsgetriebe 0AM , BSE,CAYC,CDAA	308
2. Batterie, Relais 2 für Spannungsversorgung, Kl. 15, Sicherungshalter B,	309
Sicherungshalter C
3. Hydraulikdruckgeber für Getriebe, Kupplungsweggeber 1, Kupplungsweggeber 2, Bordnetzsteuergerät,	310
Mechatronik für Doppelkupplungsgetriebe, Motor für Hydraulikpumpe
4. Schalter für Wählhebel in P-gesperrt, Geber für Getriebeausgangsdrehzahl, Bordnetzsteuergerät,	311
Mechatronik für Doppelkupplungsgetriebe, Magnet für Wählhebelsperre, Ventil 1 in Teilgetriebe 1,
Ventil 2 in Teilgetriebe 1
5. Wegsensor 1 für Gangsteller, Wegsensor 2 für Gangsteller, Geber 1 für Getriebeausgangsdrehzahl,	312
Geber für Getriebeeingangsdrehzahl, Geber 1 für Getriebeeingangsdrehzahl, Bordnetzsteuergerät, Mechatronik
für Doppelkupplungsgetriebe
6. Multifunktionsanzeige, Steuergerät im Schalttafeleinsatz, Bordnetzsteuergerät, Diagnose-Interface	313
für Datenbus, Schalttafeleinsatz
022 - CAN- und LIN-Bus-Vernetzung, CAN-Antrieb, CAN-Diagnose, CAN-Komfort	314-320
1. CAN- und LIN-Bus-Vernetzung, CAN-Antrieb, CAN-Diagnose, CAN-Komfort, CAN-Komfort	314
2. Bordnetzsteuergerät, Diagnose-Interface für Datenbus, Relais 2 für Spannungsversorgung, Kl. 15	315
Diagnose-Interface für Datenbus, Radio, Sende- und Empfangsgerät für Telefon	316
3. Diagnose-Interface für Datenbus	317
4. Diagnose-Interface für Datenbus	318
5. Sensor für Regen- und Lichterkennung, Alarmhorn, Steuergerät für Wischermotor,	319
Bordnetzsteuergerät
320
023 - Climatronic	321-327
1. Climatronic	321
2. Temperaturfühler für Schalttafel, Hochdruckgeber, Steuergerät für Climatronic	322
3. Fotosensor für Sonneneinstrahlung, Ausströmtemperaturgeber Mitte, Ausströmtemperaturgeber rechts,	323
Ausströmtemperaturgeber für Verdampfer, Steuergerät für Climatronic
4. Potentiometer für Stellmotor der Umluftklappe, Potentiometer für Stellmotor der Temperaturklappe	324
links, Steuergerät für Climatronic
5. Steuergerät für Climatronic, Stellmotor der Zentralklappe, Stellmotor der Temperaturklappe rechts	325
6. Potentiometer für Stellmotor der Zentralklappe, Steuergerät für Frischluftgebläse, Steuergerät	326
für Climatronic, Frischluftgebläse, Stellmotor der Zentralklappe
7. Steuergerät für Climatronic, Regelventil für Kompressor der Klimaanlage	327
024 - Anhängerbetrieb	328-330
1. Anhängerbetrieb	328
2. Steuergerät für Anhängererkennung, Bordnetzsteuergerät, Relais 2 für Spannungsversorgung, Kl. 15	329
3. Steuergerät für Anhängererkennung, Bordnetzsteuergerät, Steckdose für Anhängerbetrieb	330
025 - Anhängerbetrieb	331-333
1. Anhängerbetrieb	331
2. Steuergerät für Anhängererkennung, Bordnetzsteuergerät, Relais 2 für Spannungsversorgung, Kl. 15	332
3. Steuergerät für Anhängererkennung, Bordnetzsteuergerät, Steckdose für Anhängerbetrieb	333
026 - Reifendruckkontrolle für Fahrzeuge mit ABS, EDS, ASR und ESP	334-338
1. Reifendruckkontrolle für Fahrzeuge mit ABS, EDS, ASR und ESP	334
2. Steuergerät für ABS, Bordnetzsteuergerät, Relais 2 für Spannungsversorgung, Kl. 15,	335
Sicherungshalter C
3. Drehzahlfühler hinten rechts, Drehzahlfühler vorn rechts, Drehzahlfühler hinten links,	336
Drehzahlfühler vorn links, Steuergerät für ABS, Bordnetzsteuergerät
4. Taster für Reifendruckkontrolle, Steuergerät für ABS, Bordnetzsteuergerät, Lampe für	337
Tastenbeleuchtung
5. Steuergerät im Schalttafeleinsatz, Bordnetzsteuergerät, Diagnose-Interface für Datenbus,	338
Schalttafeleinsatz, Kontrollleuchte für Reifendrucküberwachung
027 - Servolenkung	339-341
1. Servolenkung	339
2. Batterie, Anlasser, Steuergerät für Lenkhilfe, Bordnetzsteuergerät, Motor für elektromechanische	340
Servolenkung
3. Lenkmomentgeber, Steuergerät für Lenkhilfe, Bordnetzsteuergerät, Relais 2 für Spannungsversorgung,	341
Kl. 15
028 - Servolenkung für Rechtslenker	342-344
1. Servolenkung für Rechtslenker	342
2. Batterie, Anlasser, Steuergerät für Lenkhilfe, Motor für elektromechanische Servolenkung	343
3. Lenkwinkelgeber, Lenkmomentgeber, Steuergerät für Lenkhilfe, Relais 2 für Spannungsversorgung,	344
Kl. 15, Sicherungshalter B, Sicherungshalter C
029 - Bluetooth-Handy	345-347
1. Bluetooth-Handy	345
2. Sende- und Empfangsgerät für Telefon, Antenne für Bluetooth	346
3. Sende- und Empfangsgerät für Telefon, Mikrofon für Telefon	347
030 - Beheizbare Spritzdüsen	348-349
1. Beheizbare Spritzdüsen	348
2. Bordnetzsteuergerät, Heizwiderstand für Spritzdüse rechts, Heizwiderstand für Spritzdüse links	349
031 - Gasentladungsscheinwerfer (Bi-Xenon) mit automatischer Leuchtweitenregelung und Kurvenlicht	350-355
1. Gasentladungsscheinwerfer (Bi-Xenon) mit automatischer Leuchtweitenregelung und Kurvenlicht	350
2. Steuergerät für Gasentladungslampe links, Steuergerät für Kurvenlicht und Leuchtweitenregelung,	351
Bordnetzsteuergerät, Gasentladungslampe links, Scheinwerfer vorn links, Steuergerät für Kurvenlicht und
Leuchtweitenregelung, Sicherungshalter C
3. Steuergerät für Gasentladungslampe rechts, Steuergerät für Kurvenlicht und Leuchtweitenregelung,	352
Leuchtweitenregelung, Gasentladungslampe links, Scheinwerfer vorn links
4. Bordnetzsteuergerät, Leistungsmodul für Scheinwerfer links, Leistungsmodul für Scheinwerfer rechts,	353
Leuchtweitenregelung, Gasentladungslampe rechts, Scheinwerfer vorn rechts
5. Lenkwinkelgeber, Bordnetzsteuergerät, Steuergerät für Lenksäulenelektronik, Diagnose-Interface	354
für Datenbus, Steuergerät für Kurvenlicht und Leuchtweitenregelung
6. Scheibenwaschanlagenpumpe, Bordnetzsteuergerät, Schalttafeleinsatz, Kontrollleuchte	355
Schalttafeleinsatz, Kontrollleuchte für Scheibenwaschwasserstand, Kontrollleuchte für Lampenausfall
032 - Gasentladungsscheinwerfer (Bi-Xenon) mit automatischer Leuchtweitenregelung und Kurvenlicht,	356-361
Rechtslenker
1. Gasentladungsscheinwerfer (Bi-Xenon) mit automatischer Leuchtweitenregelung und Kurvenlicht,	356
Rechtslenker
2. Geber für Fahrzeugniveau hinten links, Steuergerät für Kurvenlicht und Leuchtweitenregelung	357
3. Steuergerät für Gasentladungslampe links, Steuergerät für Kurvenlicht und Leuchtweitenregelung,	358
Scheinwerfer vorn links, Blende für Abblendlichtkreis
4. Steuergerät für Gasentladungslampe rechts, Steuergerät für Kurvenlicht und Leuchtweitenregelung,	359
Scheinwerfer vorn rechts
5. Lenkwinkelgeber, Diagnose-Interface für Datenbus, Steuergerät für Kurvenlicht und	360
Leuchtweitenregelung
6. Scheiben-Waschwasserstand, Steuergerät im Schalttafeleinsatz	361
033 - Scheinwerferreinigungsanlage	362-363
1. Scheinwerferreinigungsanlage	362
2. Relais für Scheinwerferreinigungsanlage, Pumpe für Scheinwerferreinigungsanlage	363
